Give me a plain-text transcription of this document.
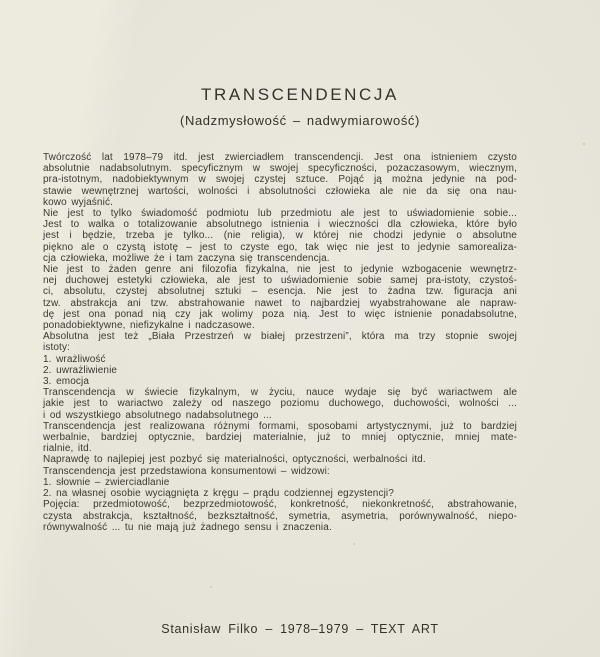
TRANSCENDENCJA
(Nadzmysłowość – nadwymiarowość)
Twórczość lat 1978–79 itd. jest zwierciadłem transcendencji. Jest ona istnieniem czysto
absolutnie nadabsolutnym. specyficznym w swojej specyficzności, pozaczasowym, wiecznym,
pra-istotnym, nadobiektywnym w swojej czystej sztuce. Pojąć ją można jedynie na pod-
stawie wewnętrznej wartości, wolności i absolutności człowieka ale nie da się ona nau-
kowo wyjaśnić.
Nie jest to tylko świadomość podmiotu lub przedmiotu ale jest to uświadomienie sobie...
Jest to walka o totalizowanie absolutnego istnienia i wieczności dla człowieka, które było
jest i będzie, trzeba je tylko... (nie religia), w której nie chodzi jedynie o absolutne
piękno ale o czystą istotę – jest to czyste ego, tak więc nie jest to jedynie samorealiza-
cja człowieka, możliwe że i tam zaczyna się transcendencja.
Nie jest to żaden genre ani filozofia fizykalna, nie jest to jedynie wzbogacenie wewnętrz-
nej duchowej estetyki człowieka, ale jest to uświadomienie sobie samej pra-istoty, czystoś-
ci, absolutu, czystej absolutnej sztuki – esencja. Nie jest to żadna tzw. figuracja ani
tzw. abstrakcja ani tzw. abstrahowanie nawet to najbardziej wyabstrahowane ale napraw-
dę jest ona ponad nią czy jak wolimy poza nią. Jest to więc istnienie ponadabsolutne,
ponadobiektywne, niefizykalne i nadczasowe.
Absolutna jest też „Biała Przestrzeń w białej przestrzeni”, która ma trzy stopnie swojej
istoty:
1. wrażliwość
2. uwrażliwienie
3. emocja
Transcendencja w świecie fizykalnym, w życiu, nauce wydaje się być wariactwem ale
jakie jest to wariactwo zależy od naszego poziomu duchowego, duchowości, wolności ...
i od wszystkiego absolutnego nadabsolutnego ...
Transcendencja jest realizowana różnymi formami, sposobami artystycznymi, już to bardziej
werbalnie, bardziej optycznie, bardziej materialnie, już to mniej optycznie, mniej mate-
rialnie, itd.
Naprawdę to najlepiej jest pozbyć się materialności, optyczności, werbalności itd.
Transcendencja jest przedstawiona konsumentowi – widzowi:
1. słownie – zwierciadlanie
2. na własnej osobie wyciągnięta z kręgu – prądu codziennej egzystencji?
Pojęcia: przedmiotowość, bezprzedmiotowość, konkretność, niekonkretność, abstrahowanie,
czysta abstrakcja, kształtność, bezkształtność, symetria, asymetria, porównywalność, niepo-
równywalność ... tu nie mają już żadnego sensu i znaczenia.
Stanisław Filko – 1978–1979 – TEXT ART
